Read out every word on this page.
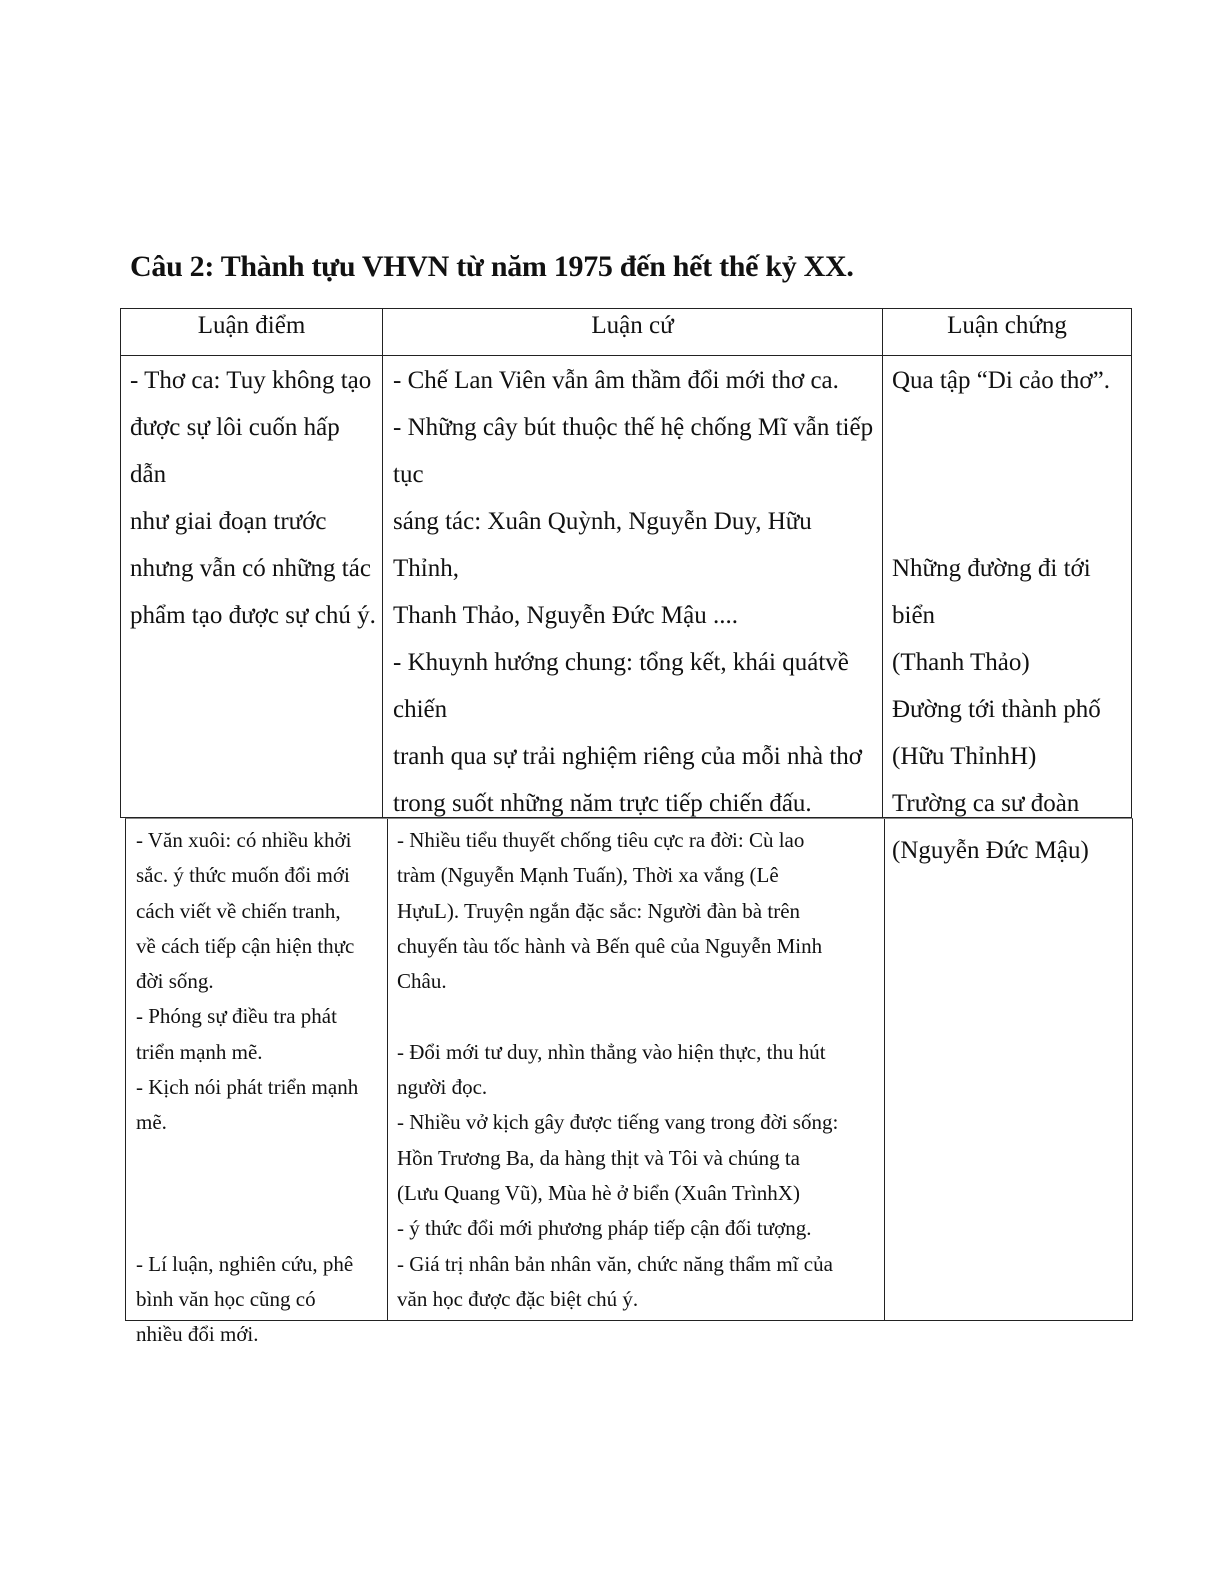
Câu 2: Thành tựu VHVN từ năm 1975 đến hết thế kỷ XX.
Luận điểm	Luận cứ	Luận chứng

- Thơ ca: Tuy không tạo

được sự lôi cuốn hấp dẫn

như giai đoạn trước

nhưng vẫn có những tác

phẩm tạo được sự chú ý.

- Chế Lan Viên vẫn âm thầm đổi mới thơ ca.

- Những cây bút thuộc thế hệ chống Mĩ vẫn tiếp tục

sáng tác: Xuân Quỳnh, Nguyễn Duy, Hữu Thỉnh,

Thanh Thảo, Nguyễn Đức Mậu ....

- Khuynh hướng chung: tổng kết, khái quátvề chiến

tranh qua sự trải nghiệm riêng của mỗi nhà thơ

trong suốt những năm trực tiếp chiến đấu.

Qua tập “Di cảo thơ”.

Những đường đi tới biển

(Thanh Thảo)

Đường tới thành phố

(Hữu ThỉnhH)

Trường ca sư đoàn

(Nguyễn Đức Mậu)

- Văn xuôi: có nhiều khởi

sắc. ý thức muốn đổi mới

cách viết về chiến tranh,

về cách tiếp cận hiện thực

đời sống.

- Phóng sự điều tra phát

triển mạnh mẽ.

- Kịch nói phát triển mạnh

mẽ.

- Lí luận, nghiên cứu, phê

bình văn học cũng có

nhiều đổi mới.

- Nhiều tiểu thuyết chống tiêu cực ra đời: Cù lao

tràm (Nguyễn Mạnh Tuấn), Thời xa vắng (Lê

HựuL). Truyện ngắn đặc sắc: Người đàn bà trên

chuyến tàu tốc hành và Bến quê của Nguyễn Minh

Châu.

- Đổi mới tư duy, nhìn thẳng vào hiện thực, thu hút

người đọc.

- Nhiều vở kịch gây được tiếng vang trong đời sống:

Hồn Trương Ba, da hàng thịt và Tôi và chúng ta

(Lưu Quang Vũ), Mùa hè ở biển (Xuân TrìnhX)

- ý thức đổi mới phương pháp tiếp cận đối tượng.

- Giá trị nhân bản nhân văn, chức năng thẩm mĩ của

văn học được đặc biệt chú ý.
